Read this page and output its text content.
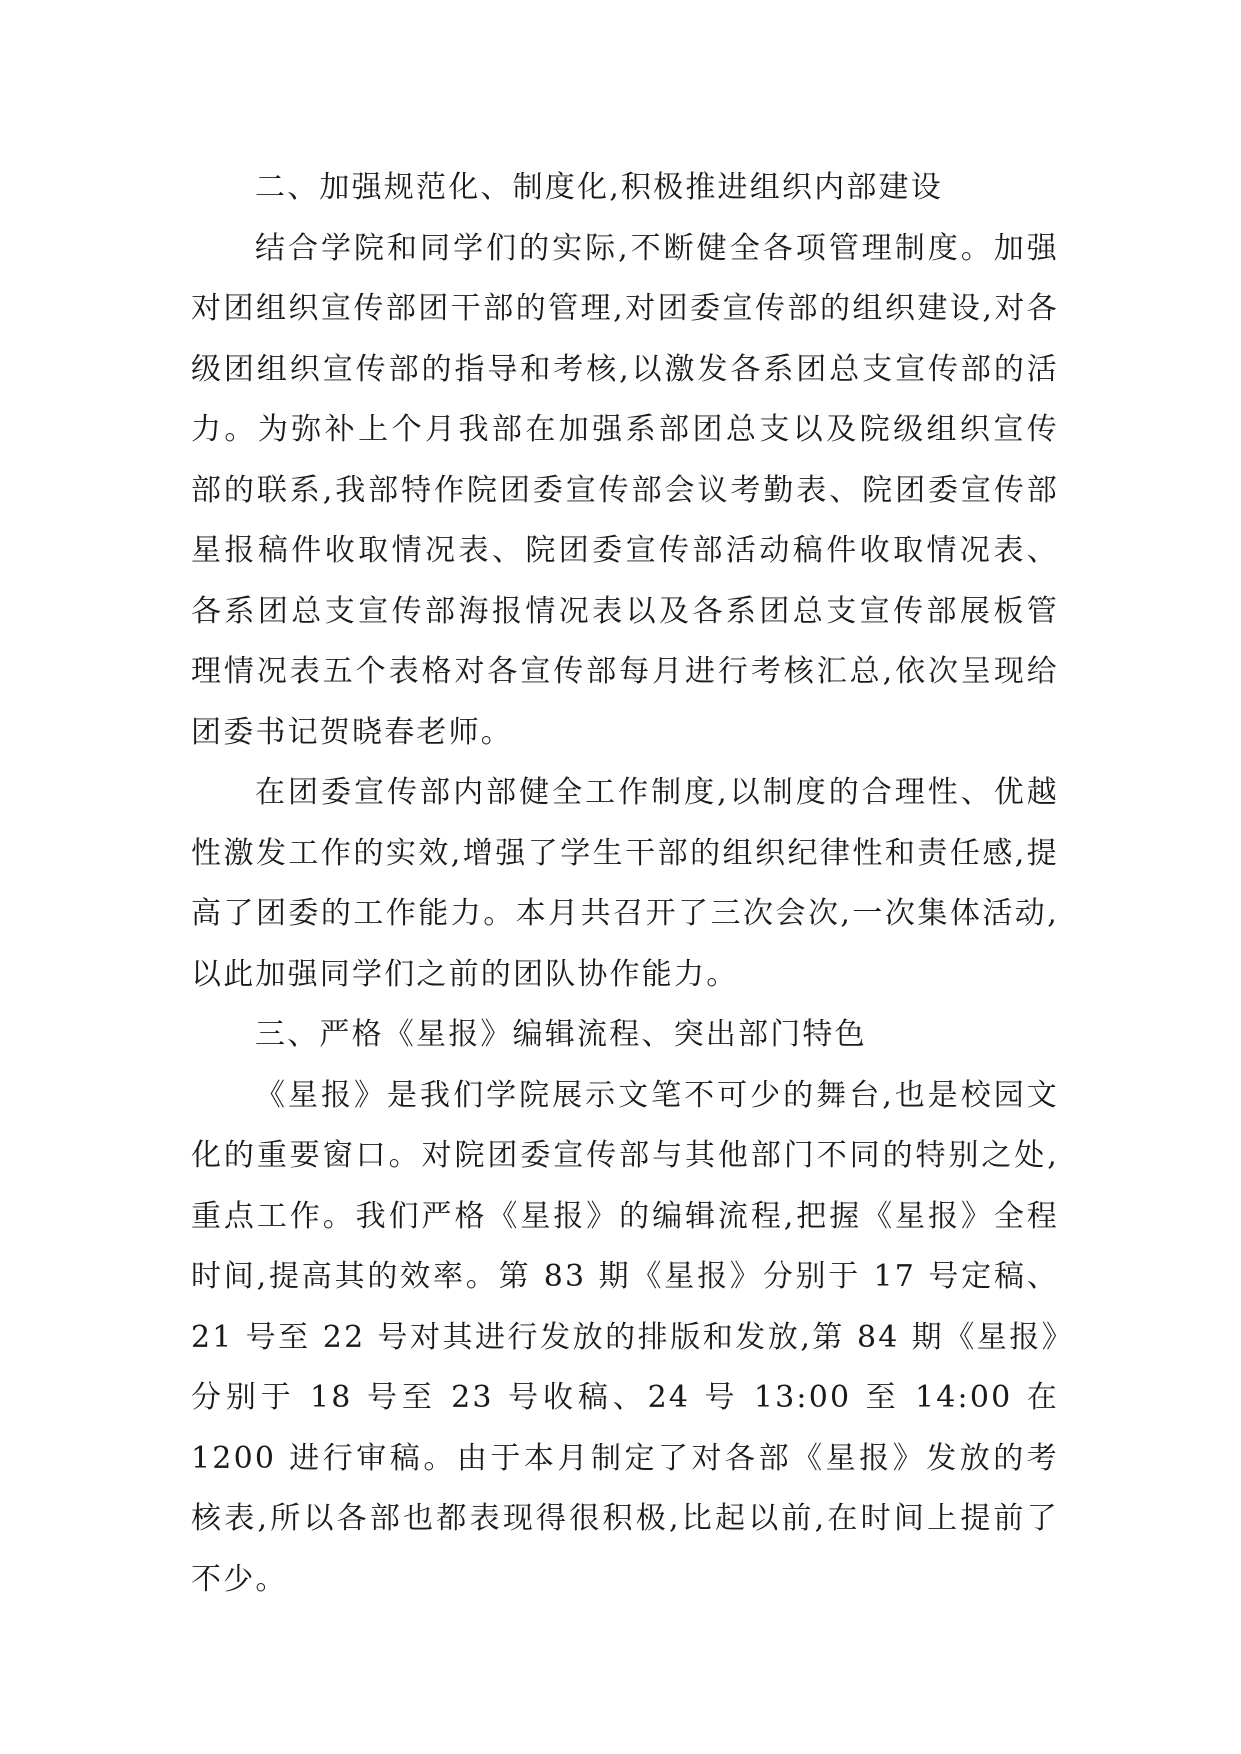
二、加强规范化、制度化,积极推进组织内部建设

结合学院和同学们的实际,不断健全各项管理制度。加强对团组织宣传部团干部的管理,对团委宣传部的组织建设,对各级团组织宣传部的指导和考核,以激发各系团总支宣传部的活力。为弥补上个月我部在加强系部团总支以及院级组织宣传部的联系,我部特作院团委宣传部会议考勤表、院团委宣传部星报稿件收取情况表、院团委宣传部活动稿件收取情况表、各系团总支宣传部海报情况表以及各系团总支宣传部展板管理情况表五个表格对各宣传部每月进行考核汇总,依次呈现给团委书记贺晓春老师。

在团委宣传部内部健全工作制度,以制度的合理性、优越性激发工作的实效,增强了学生干部的组织纪律性和责任感,提高了团委的工作能力。本月共召开了三次会次,一次集体活动,以此加强同学们之前的团队协作能力。

三、严格《星报》编辑流程、突出部门特色

《星报》是我们学院展示文笔不可少的舞台,也是校园文化的重要窗口。对院团委宣传部与其他部门不同的特别之处,重点工作。我们严格《星报》的编辑流程,把握《星报》全程时间,提高其的效率。第 83 期《星报》分别于 17 号定稿、21 号至 22 号对其进行发放的排版和发放,第 84 期《星报》分别于 18 号至 23 号收稿、24 号 13:00 至 14:00 在 1200 进行审稿。由于本月制定了对各部《星报》发放的考核表,所以各部也都表现得很积极,比起以前,在时间上提前了不少。
